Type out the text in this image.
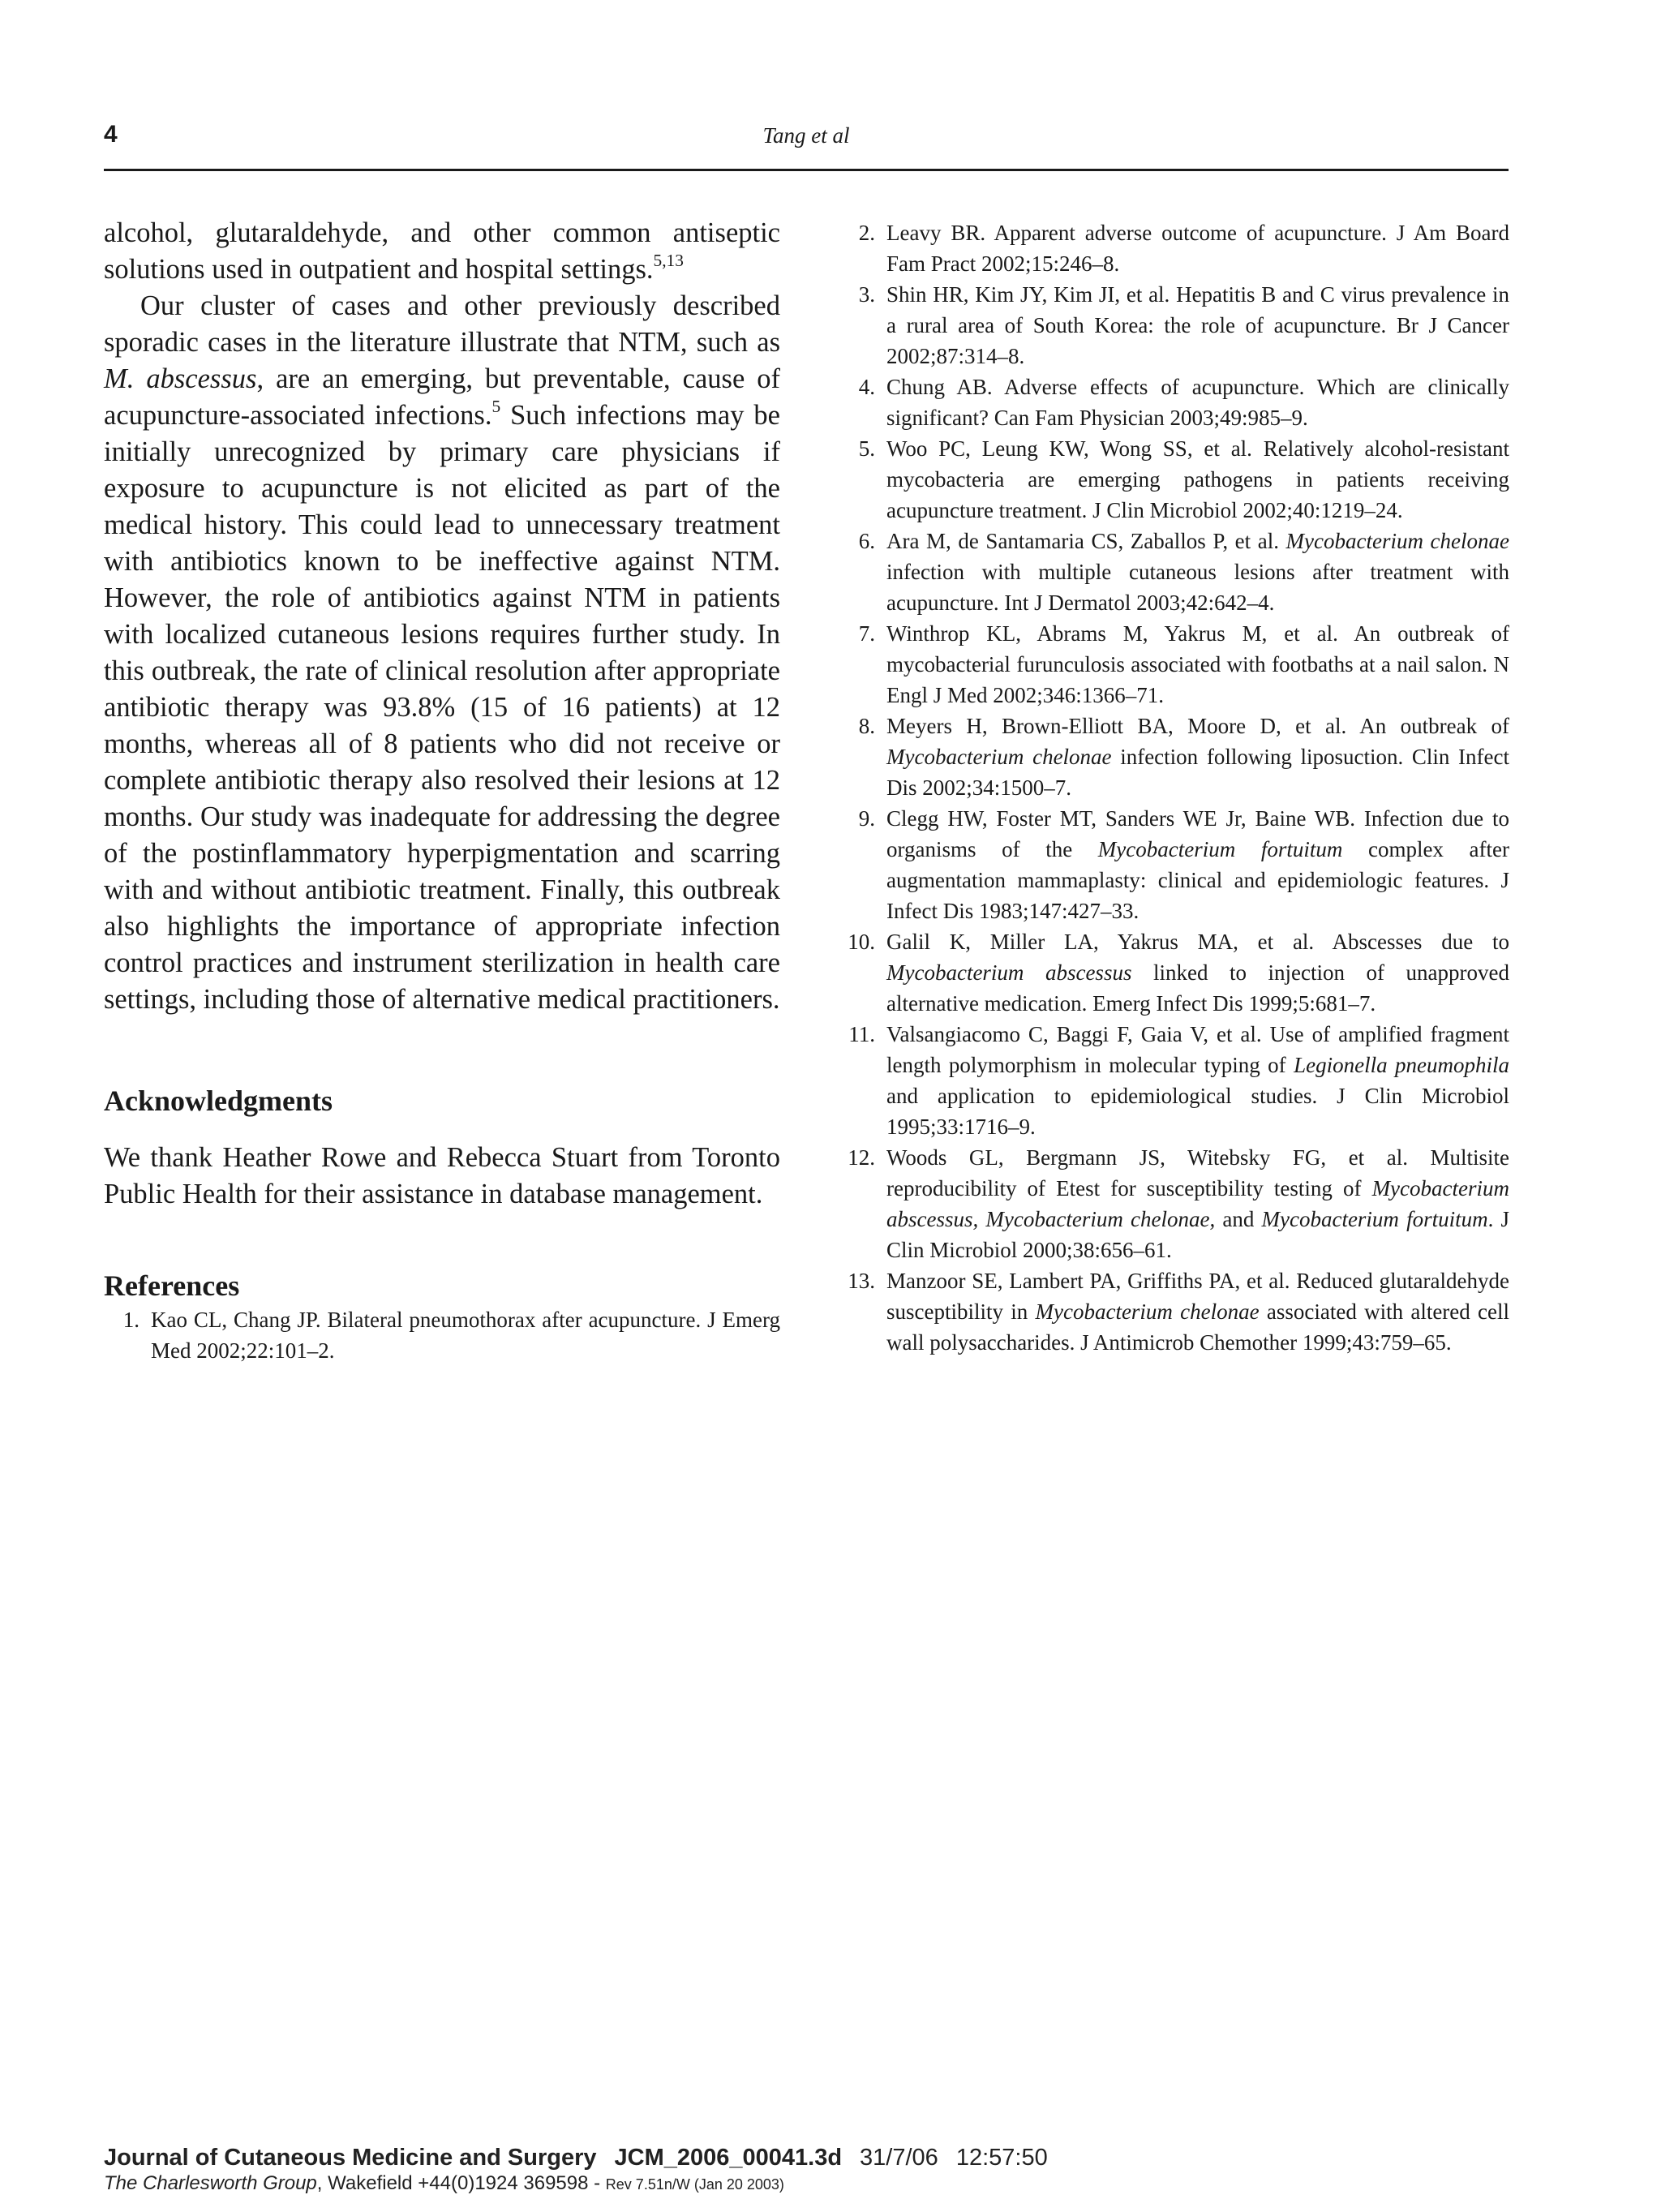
4	Tang et al

alcohol, glutaraldehyde, and other common antiseptic solutions used in outpatient and hospital settings.$^{5,13}$

Our cluster of cases and other previously described sporadic cases in the literature illustrate that NTM, such as M. abscessus, are an emerging, but preventable, cause of acupuncture-associated infections.$^5$ Such infections may be initially unrecognized by primary care physicians if exposure to acupuncture is not elicited as part of the medical history. This could lead to unnecessary treatment with antibiotics known to be ineffective against NTM. However, the role of antibiotics against NTM in patients with localized cutaneous lesions requires further study. In this outbreak, the rate of clinical resolution after appropriate antibiotic therapy was 93.8% (15 of 16 patients) at 12 months, whereas all of 8 patients who did not receive or complete antibiotic therapy also resolved their lesions at 12 months. Our study was inadequate for addressing the degree of the postinflammatory hyperpigmentation and scarring with and without antibiotic treatment. Finally, this outbreak also highlights the importance of appropriate infection control practices and instrument sterilization in health care settings, including those of alternative medical practitioners.

Acknowledgments

We thank Heather Rowe and Rebecca Stuart from Toronto Public Health for their assistance in database management.

References
1. Kao CL, Chang JP. Bilateral pneumothorax after acupuncture. J Emerg Med 2002;22:101–2.
2. Leavy BR. Apparent adverse outcome of acupuncture. J Am Board Fam Pract 2002;15:246–8.
3. Shin HR, Kim JY, Kim JI, et al. Hepatitis B and C virus prevalence in a rural area of South Korea: the role of acupuncture. Br J Cancer 2002;87:314–8.
4. Chung AB. Adverse effects of acupuncture. Which are clinically significant? Can Fam Physician 2003;49:985–9.
5. Woo PC, Leung KW, Wong SS, et al. Relatively alcohol-resistant mycobacteria are emerging pathogens in patients receiving acupuncture treatment. J Clin Microbiol 2002;40:1219–24.
6. Ara M, de Santamaria CS, Zaballos P, et al. Mycobacterium chelonae infection with multiple cutaneous lesions after treatment with acupuncture. Int J Dermatol 2003;42:642–4.
7. Winthrop KL, Abrams M, Yakrus M, et al. An outbreak of mycobacterial furunculosis associated with footbaths at a nail salon. N Engl J Med 2002;346:1366–71.
8. Meyers H, Brown-Elliott BA, Moore D, et al. An outbreak of Mycobacterium chelonae infection following liposuction. Clin Infect Dis 2002;34:1500–7.
9. Clegg HW, Foster MT, Sanders WE Jr, Baine WB. Infection due to organisms of the Mycobacterium fortuitum complex after augmentation mammaplasty: clinical and epidemiologic features. J Infect Dis 1983;147:427–33.
10. Galil K, Miller LA, Yakrus MA, et al. Abscesses due to Mycobacterium abscessus linked to injection of unapproved alternative medication. Emerg Infect Dis 1999;5:681–7.
11. Valsangiacomo C, Baggi F, Gaia V, et al. Use of amplified fragment length polymorphism in molecular typing of Legionella pneumophila and application to epidemiological studies. J Clin Microbiol 1995;33:1716–9.
12. Woods GL, Bergmann JS, Witebsky FG, et al. Multisite reproducibility of Etest for susceptibility testing of Mycobacterium abscessus, Mycobacterium chelonae, and Mycobacterium fortuitum. J Clin Microbiol 2000;38:656–61.
13. Manzoor SE, Lambert PA, Griffiths PA, et al. Reduced glutaraldehyde susceptibility in Mycobacterium chelonae associated with altered cell wall polysaccharides. J Antimicrob Chemother 1999;43:759–65.
Journal of Cutaneous Medicine and Surgery JCM_2006_00041.3d 31/7/06 12:57:50
The Charlesworth Group, Wakefield +44(0)1924 369598 - Rev 7.51n/W (Jan 20 2003)
